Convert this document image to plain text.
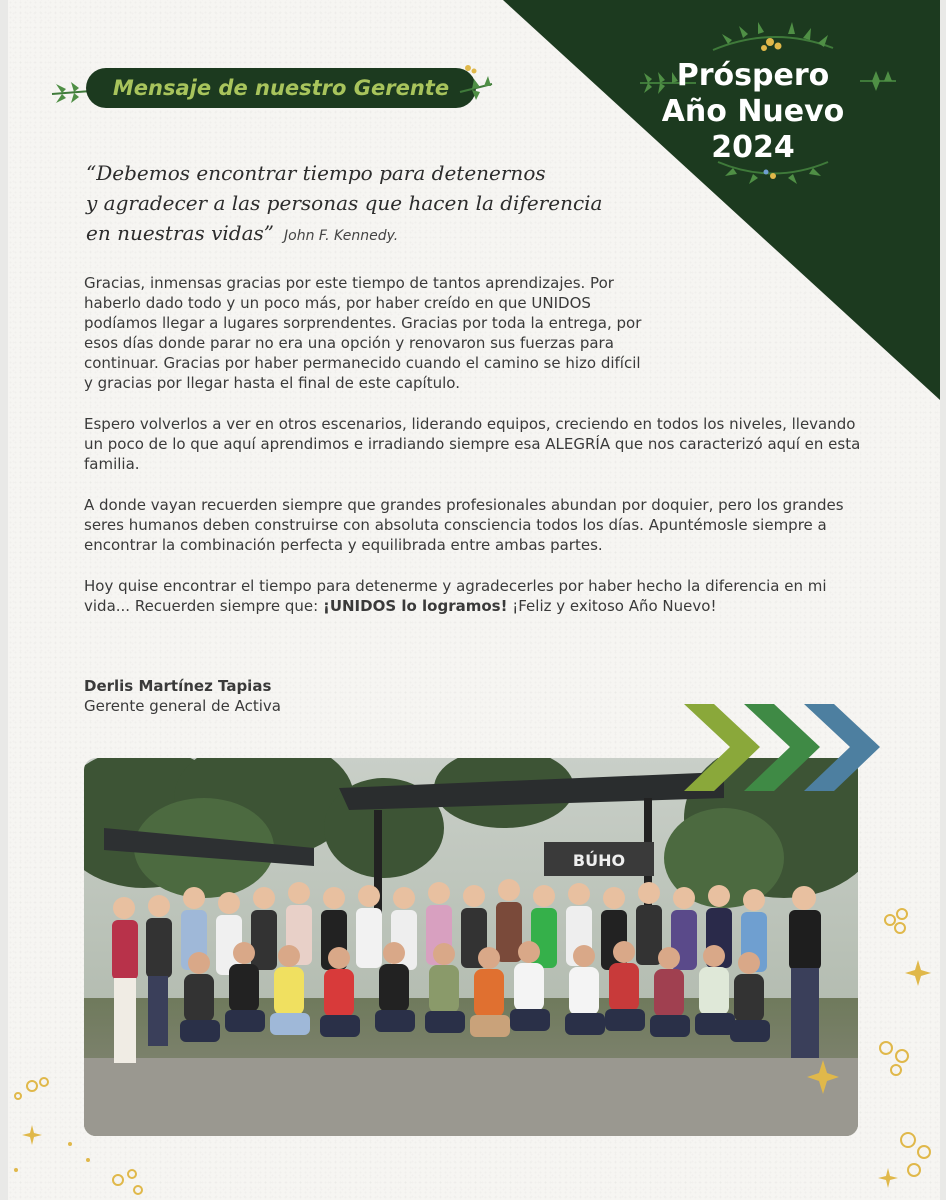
Próspero
Año Nuevo
2024
Mensaje de nuestro Gerente
“Debemos encontrar tiempo para detenernos
y agradecer a las personas que hacen la diferencia
en nuestras vidas” John F. Kennedy.

Gracias, inmensas gracias por este tiempo de tantos aprendizajes. Por haberlo dado todo y un poco más, por haber creído en que UNIDOS podíamos llegar a lugares sorprendentes. Gracias por toda la entrega, por esos días donde parar no era una opción y renovaron sus fuerzas para continuar. Gracias por haber permanecido cuando el camino se hizo difícil y gracias por llegar hasta el final de este capítulo.

Espero volverlos a ver en otros escenarios, liderando equipos, creciendo en todos los niveles, llevando un poco de lo que aquí aprendimos e irradiando siempre esa ALEGRÍA que nos caracterizó aquí en esta familia.

A donde vayan recuerden siempre que grandes profesionales abundan por doquier, pero los grandes seres humanos deben construirse con absoluta consciencia todos los días. Apuntémosle siempre a encontrar la combinación perfecta y equilibrada entre ambas partes.

Hoy quise encontrar el tiempo para detenerme y agradecerles por haber hecho la diferencia en mi vida... Recuerden siempre que: ¡UNIDOS lo logramos! ¡Feliz y exitoso Año Nuevo!

Derlis Martínez Tapias
Gerente general de Activa
BÚHO
